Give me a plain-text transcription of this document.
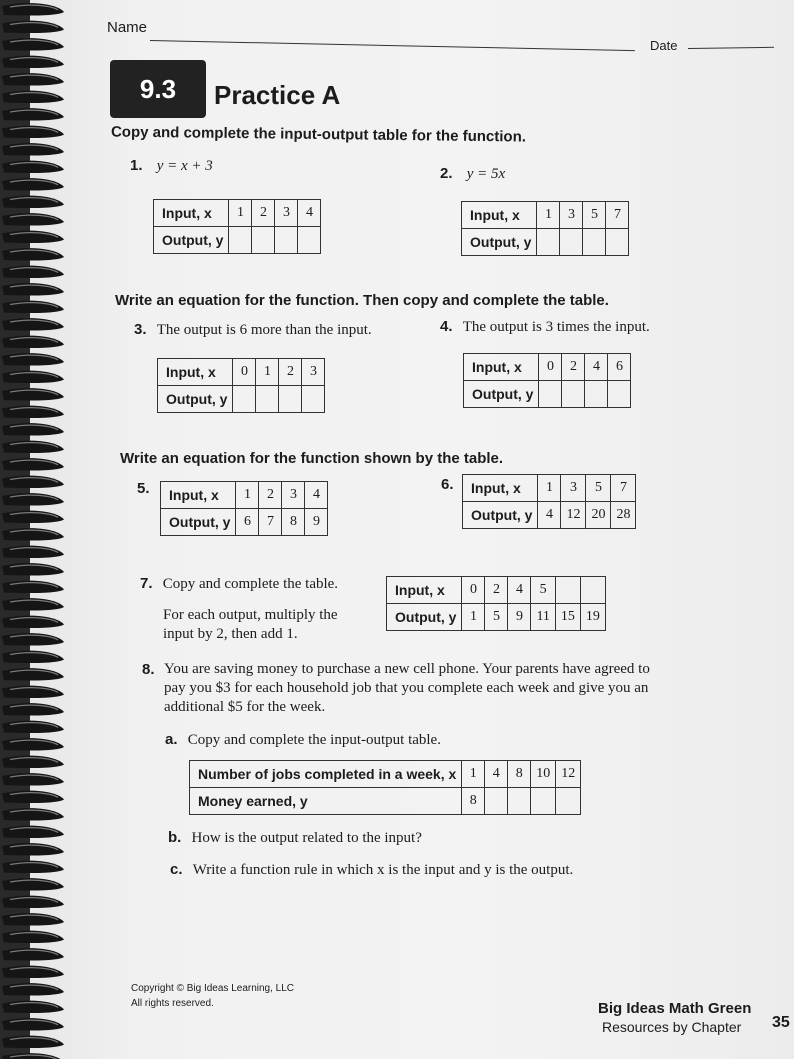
Name
Date
9.3	Practice A
Copy and complete the input-output table for the function.
1. y = x + 3	2. y = 5x
Input, x	1	2	3	4
Output, y				
Input, x	1	3	5	7
Output, y				
Write an equation for the function. Then copy and complete the table.
3. The output is 6 more than the input.	4. The output is 3 times the input.
Input, x	0	1	2	3
Output, y				
Input, x	0	2	4	6
Output, y				
Write an equation for the function shown by the table.
5. Input, x	1	2	3	4
Output, y	6	7	8	9
6. Input, x	1	3	5	7
Output, y	4	12	20	28
7. Copy and complete the table.
For each output, multiply the input by 2, then add 1.
Input, x	0	2	4	5		
Output, y	1	5	9	11	15	19
8. You are saving money to purchase a new cell phone. Your parents have agreed to pay you $3 for each household job that you complete each week and give you an additional $5 for the week.
a. Copy and complete the input-output table.
Number of jobs completed in a week, x	1	4	8	10	12
Money earned, y	8				
b. How is the output related to the input?
c. Write a function rule in which x is the input and y is the output.
Copyright © Big Ideas Learning, LLC
All rights reserved.	Big Ideas Math Green
Resources by Chapter 35
